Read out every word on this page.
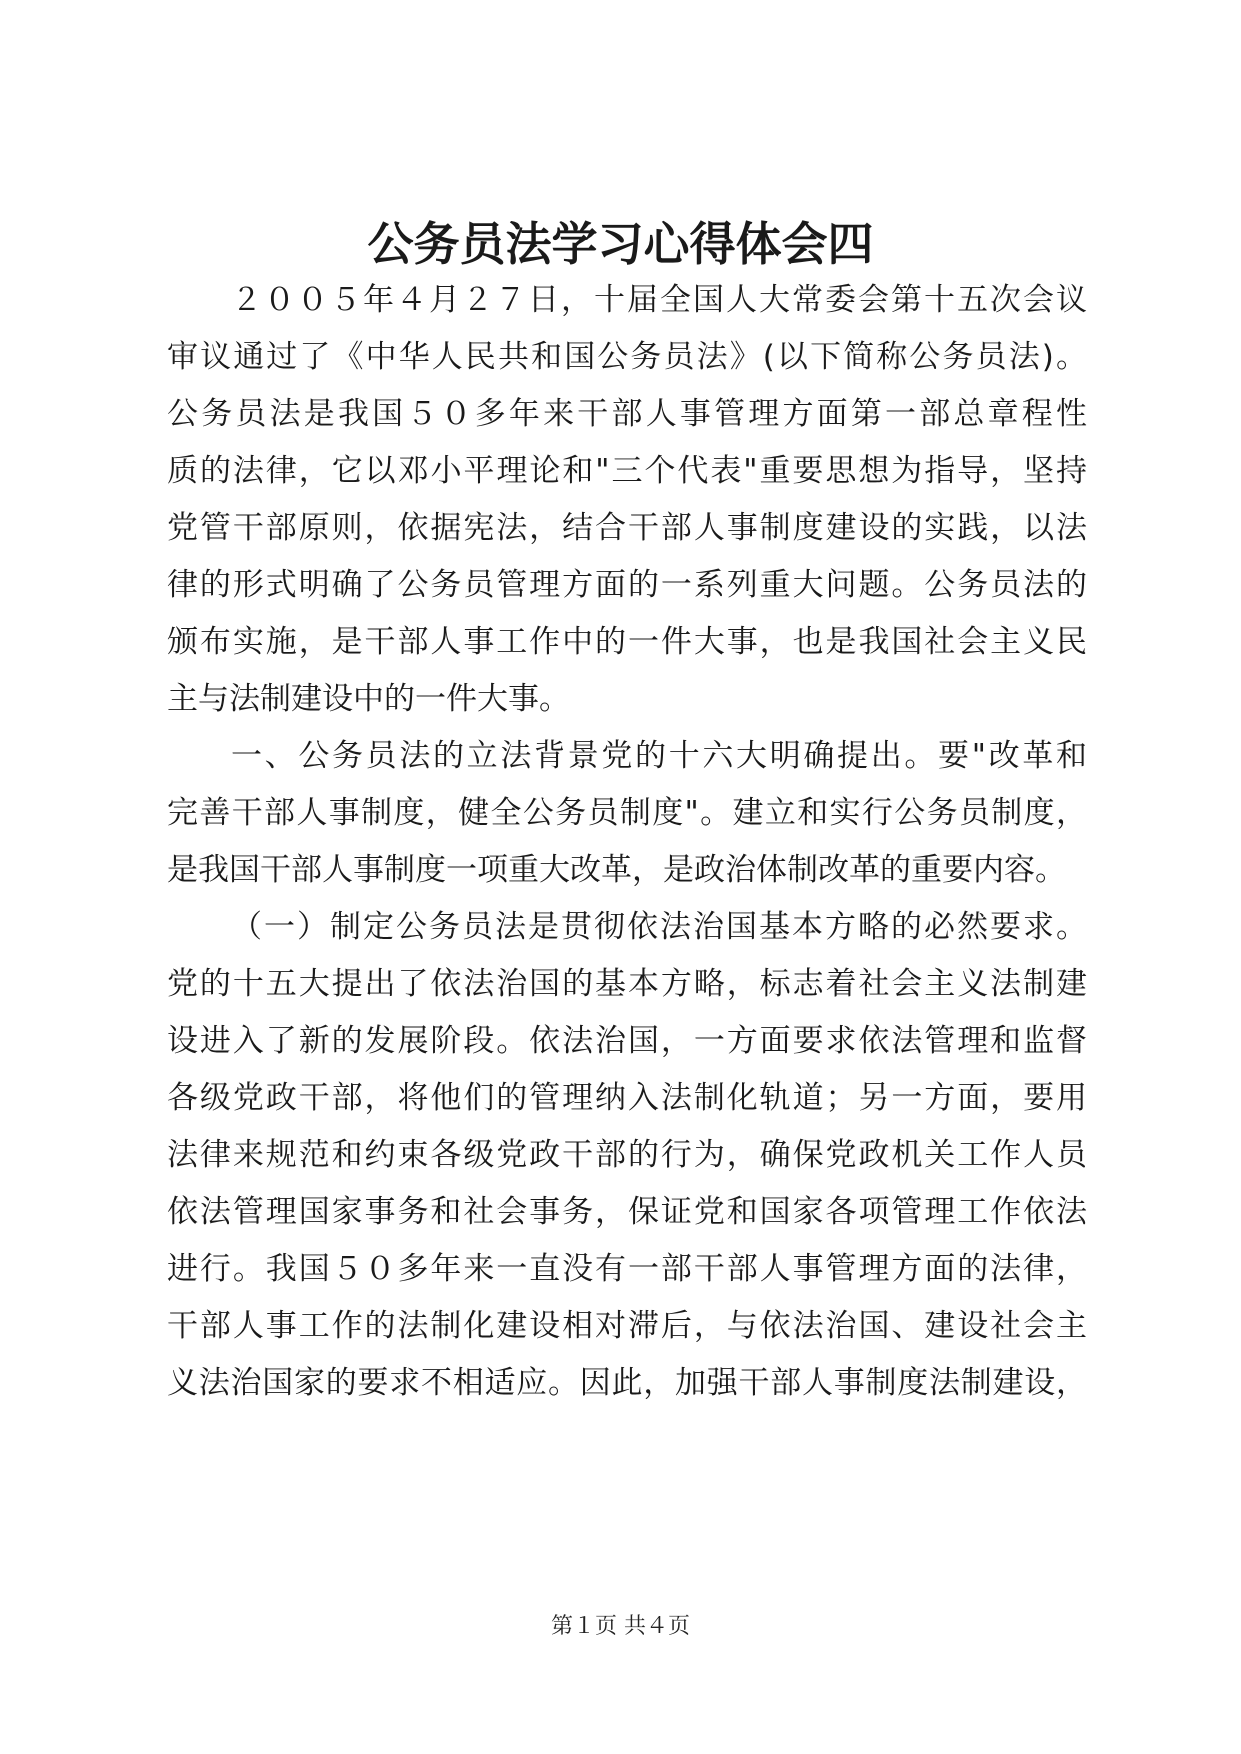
公务员法学习心得体会四
２００５年４月２７日，十届全国人大常委会第十五次会议
审议通过了《中华人民共和国公务员法》(以下简称公务员法)。
公务员法是我国５０多年来干部人事管理方面第一部总章程性
质的法律，它以邓小平理论和"三个代表"重要思想为指导，坚持
党管干部原则，依据宪法，结合干部人事制度建设的实践，以法
律的形式明确了公务员管理方面的一系列重大问题。公务员法的
颁布实施，是干部人事工作中的一件大事，也是我国社会主义民
主与法制建设中的一件大事。
一、公务员法的立法背景党的十六大明确提出。要"改革和
完善干部人事制度，健全公务员制度"。建立和实行公务员制度，
是我国干部人事制度一项重大改革，是政治体制改革的重要内容。
（一）制定公务员法是贯彻依法治国基本方略的必然要求。
党的十五大提出了依法治国的基本方略，标志着社会主义法制建
设进入了新的发展阶段。依法治国，一方面要求依法管理和监督
各级党政干部，将他们的管理纳入法制化轨道；另一方面，要用
法律来规范和约束各级党政干部的行为，确保党政机关工作人员
依法管理国家事务和社会事务，保证党和国家各项管理工作依法
进行。我国５０多年来一直没有一部干部人事管理方面的法律，
干部人事工作的法制化建设相对滞后，与依法治国、建设社会主
义法治国家的要求不相适应。因此，加强干部人事制度法制建设，
第１页 共４页
